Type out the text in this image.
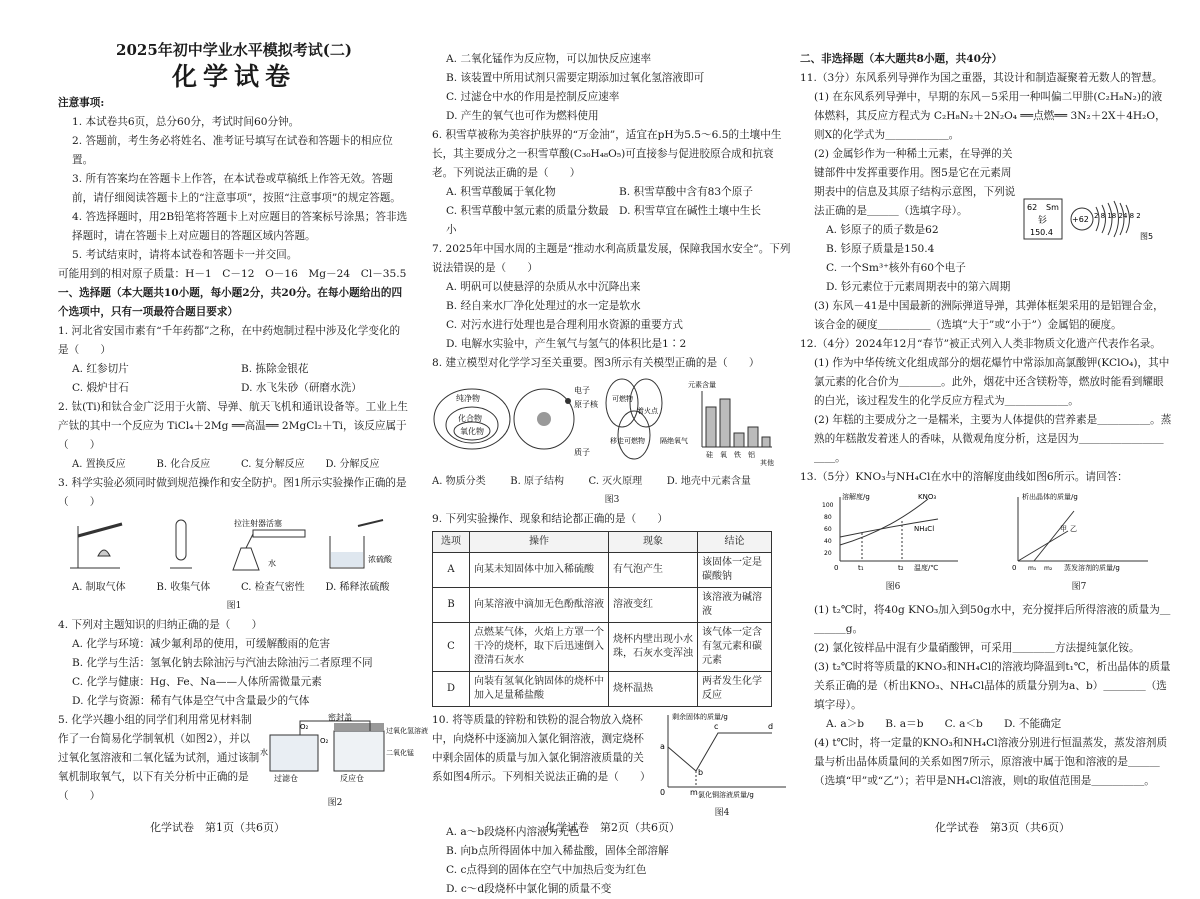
2025年初中学业水平模拟考试(二)

化学试卷

注意事项:

1. 本试卷共6页，总分60分，考试时间60分钟。

2. 答题前，考生务必将姓名、准考证号填写在试卷和答题卡的相应位置。

3. 所有答案均在答题卡上作答，在本试卷或草稿纸上作答无效。答题前，请仔细阅读答题卡上的“注意事项”，按照“注意事项”的规定答题。

4. 答选择题时，用2B铅笔将答题卡上对应题目的答案标号涂黑；答非选择题时，请在答题卡上对应题目的答题区域内答题。

5. 考试结束时，请将本试卷和答题卡一并交回。

可能用到的相对原子质量：H－1　C－12　O－16　Mg－24　Cl－35.5

一、选择题（本大题共10小题，每小题2分，共20分。在每小题给出的四个选项中，只有一项最符合题目要求）

1. 河北省安国市素有“千年药都”之称，在中药炮制过程中涉及化学变化的是（　　）

A. 红参切片	B. 拣除金银花
C. 煅炉甘石	D. 水飞朱砂（研磨水洗）

2. 钛(Ti)和钛合金广泛用于火箭、导弹、航天飞机和通讯设备等。工业上生产钛的其中一个反应为 TiCl₄＋2Mg ══高温══ 2MgCl₂＋Ti，该反应属于（　　）

A. 置换反应	B. 化合反应	C. 复分解反应	D. 分解反应

3. 科学实验必须同时做到规范操作和安全防护。图1所示实验操作正确的是（　　）

拉注射器活塞
水	浓硫酸
A. 制取气体	B. 收集气体	C. 检查气密性	D. 稀释浓硫酸

图1

4. 下列对主题知识的归纳正确的是（　　）

A. 化学与环境：减少氟利昂的使用，可缓解酸雨的危害

B. 化学与生活：氢氧化钠去除油污与汽油去除油污二者原理不同

C. 化学与健康：Hg、Fe、Na——人体所需微量元素

D. 化学与资源：稀有气体是空气中含量最少的气体

5. 化学兴趣小组的同学们利用常见材料制作了一台简易化学制氧机（如图2），并以过氧化氢溶液和二氧化锰为试剂，通过该制氧机制取氧气，以下有关分析中正确的是（　　）

密封盖
过氧化氢溶液
二氧化锰
水
过滤仓	反应仓
O₂
O₂

图2

A. 二氧化锰作为反应物，可以加快反应速率

B. 该装置中所用试剂只需要定期添加过氧化氢溶液即可

C. 过滤仓中水的作用是控制反应速率

D. 产生的氧气也可作为燃料使用

6. 积雪草被称为美容护肤界的“万金油”，适宜在pH为5.5～6.5的土壤中生长，其主要成分之一积雪草酸(C₃₀H₄₈O₅)可直接参与促进胶原合成和抗衰老。下列说法正确的是（　　）

A. 积雪草酸属于氧化物	B. 积雪草酸中含有83个原子
C. 积雪草酸中氢元素的质量分数最小
D. 积雪草宜在碱性土壤中生长

7. 2025年中国水周的主题是“推动水利高质量发展，保障我国水安全”。下列说法错误的是（　　）

A. 明矾可以使悬浮的杂质从水中沉降出来

B. 经自来水厂净化处理过的水一定是软水

C. 对污水进行处理也是合理利用水资源的重要方式

D. 电解水实验中，产生氧气与氢气的体积比是1∶2

8. 建立模型对化学学习至关重要。图3所示有关模型正确的是（　　）

纯净物
化合物
氧化物
电子
原子核
质子
可燃物
着火点
移走可燃物 隔绝氧气
元素含量
硅 氧 铁 铝
其他
A. 物质分类	B. 原子结构	C. 灭火原理	D. 地壳中元素含量

图3

9. 下列实验操作、现象和结论都正确的是（　　）

选项	操作	现象	结论
A	向某未知固体中加入稀硫酸	有气泡产生	该固体一定是碳酸钠
B	向某溶液中滴加无色酚酞溶液	溶液变红	该溶液为碱溶液
C	点燃某气体，火焰上方罩一个干冷的烧杯，取下后迅速倒入澄清石灰水	烧杯内壁出现小水珠，石灰水变浑浊	该气体一定含有氢元素和碳元素
D	向装有氢氧化钠固体的烧杯中加入足量稀盐酸	烧杯温热	两者发生化学反应

10. 将等质量的锌粉和铁粉的混合物放入烧杯中，向烧杯中逐滴加入氯化铜溶液，测定烧杯中剩余固体的质量与加入氯化铜溶液质量的关系如图4所示。下列相关说法正确的是（　　）

剩余固体的质量/g
氯化铜溶液质量/g
a
b
c	d
0	m

图4

A. a～b段烧杯内溶液为无色

B. 向b点所得固体中加入稀盐酸，固体全部溶解

C. c点得到的固体在空气中加热后变为红色

D. c～d段烧杯中氯化铜的质量不变

二、非选择题（本大题共8小题，共40分）

11.（3分）东风系列导弹作为国之重器，其设计和制造凝聚着无数人的智慧。

(1) 在东风系列导弹中，早期的东风－5采用一种叫偏二甲肼(C₂H₈N₂)的液体燃料，其反应方程式为 C₂H₈N₂＋2N₂O₄ ══点燃══ 3N₂＋2X＋4H₂O，则X的化学式为＿＿＿＿＿＿。

(2) 金属钐作为一种稀土元素，在导弹的关键部件中发挥重要作用。图5是它在元素周期表中的信息及其原子结构示意图，下列说法正确的是＿＿＿（选填字母）。

A. 钐原子的质子数是62

B. 钐原子质量是150.4

C. 一个Sm³⁺核外有60个电子

D. 钐元素位于元素周期表中的第六周期

62 Sm
钐
150.4
+62 2 8 18 24 8 2
图5

(3) 东风－41是中国最新的洲际弹道导弹，其弹体框架采用的是铝锂合金，该合金的硬度＿＿＿＿＿（选填“大于”或“小于”）金属铝的硬度。

12.（4分）2024年12月“春节”被正式列入人类非物质文化遗产代表作名录。

(1) 作为中华传统文化组成部分的烟花爆竹中常添加高氯酸钾(KClO₄)，其中氯元素的化合价为＿＿＿＿。此外，烟花中还含镁粉等，燃放时能看到耀眼的白光，该过程发生的化学反应方程式为＿＿＿＿＿＿。

(2) 年糕的主要成分之一是糯米，主要为人体提供的营养素是＿＿＿＿＿。蒸熟的年糕散发着迷人的香味，从微观角度分析，这是因为＿＿＿＿＿＿＿＿＿＿。

13.（5分）KNO₃与NH₄Cl在水中的溶解度曲线如图6所示。请回答：

溶解度/g	KNO₃
NH₄Cl
温度/℃
t₁	t₂
0
100
80
60
40
20

图6

析出晶体的质量/g
蒸发溶剂的质量/g
甲 乙
0 m₁ m₂

图7

(1) t₂℃时，将40g KNO₃加入到50g水中，充分搅拌后所得溶液的质量为＿＿＿＿g。

(2) 氯化铵样品中混有少量硝酸钾，可采用＿＿＿＿方法提纯氯化铵。

(3) t₂℃时将等质量的KNO₃和NH₄Cl的溶液均降温到t₁℃，析出晶体的质量关系正确的是（析出KNO₃、NH₄Cl晶体的质量分别为a、b）＿＿＿＿（选填字母）。

A. a＞b　　B. a＝b　　C. a＜b　　D. 不能确定

(4) t℃时，将一定量的KNO₃和NH₄Cl溶液分别进行恒温蒸发，蒸发溶剂质量与析出晶体质量间的关系如图7所示，原溶液中属于饱和溶液的是＿＿＿（选填“甲”或“乙”）；若甲是NH₄Cl溶液，则t的取值范围是＿＿＿＿＿。

化学试卷　第1页（共6页）	化学试卷　第2页（共6页）	化学试卷　第3页（共6页）
